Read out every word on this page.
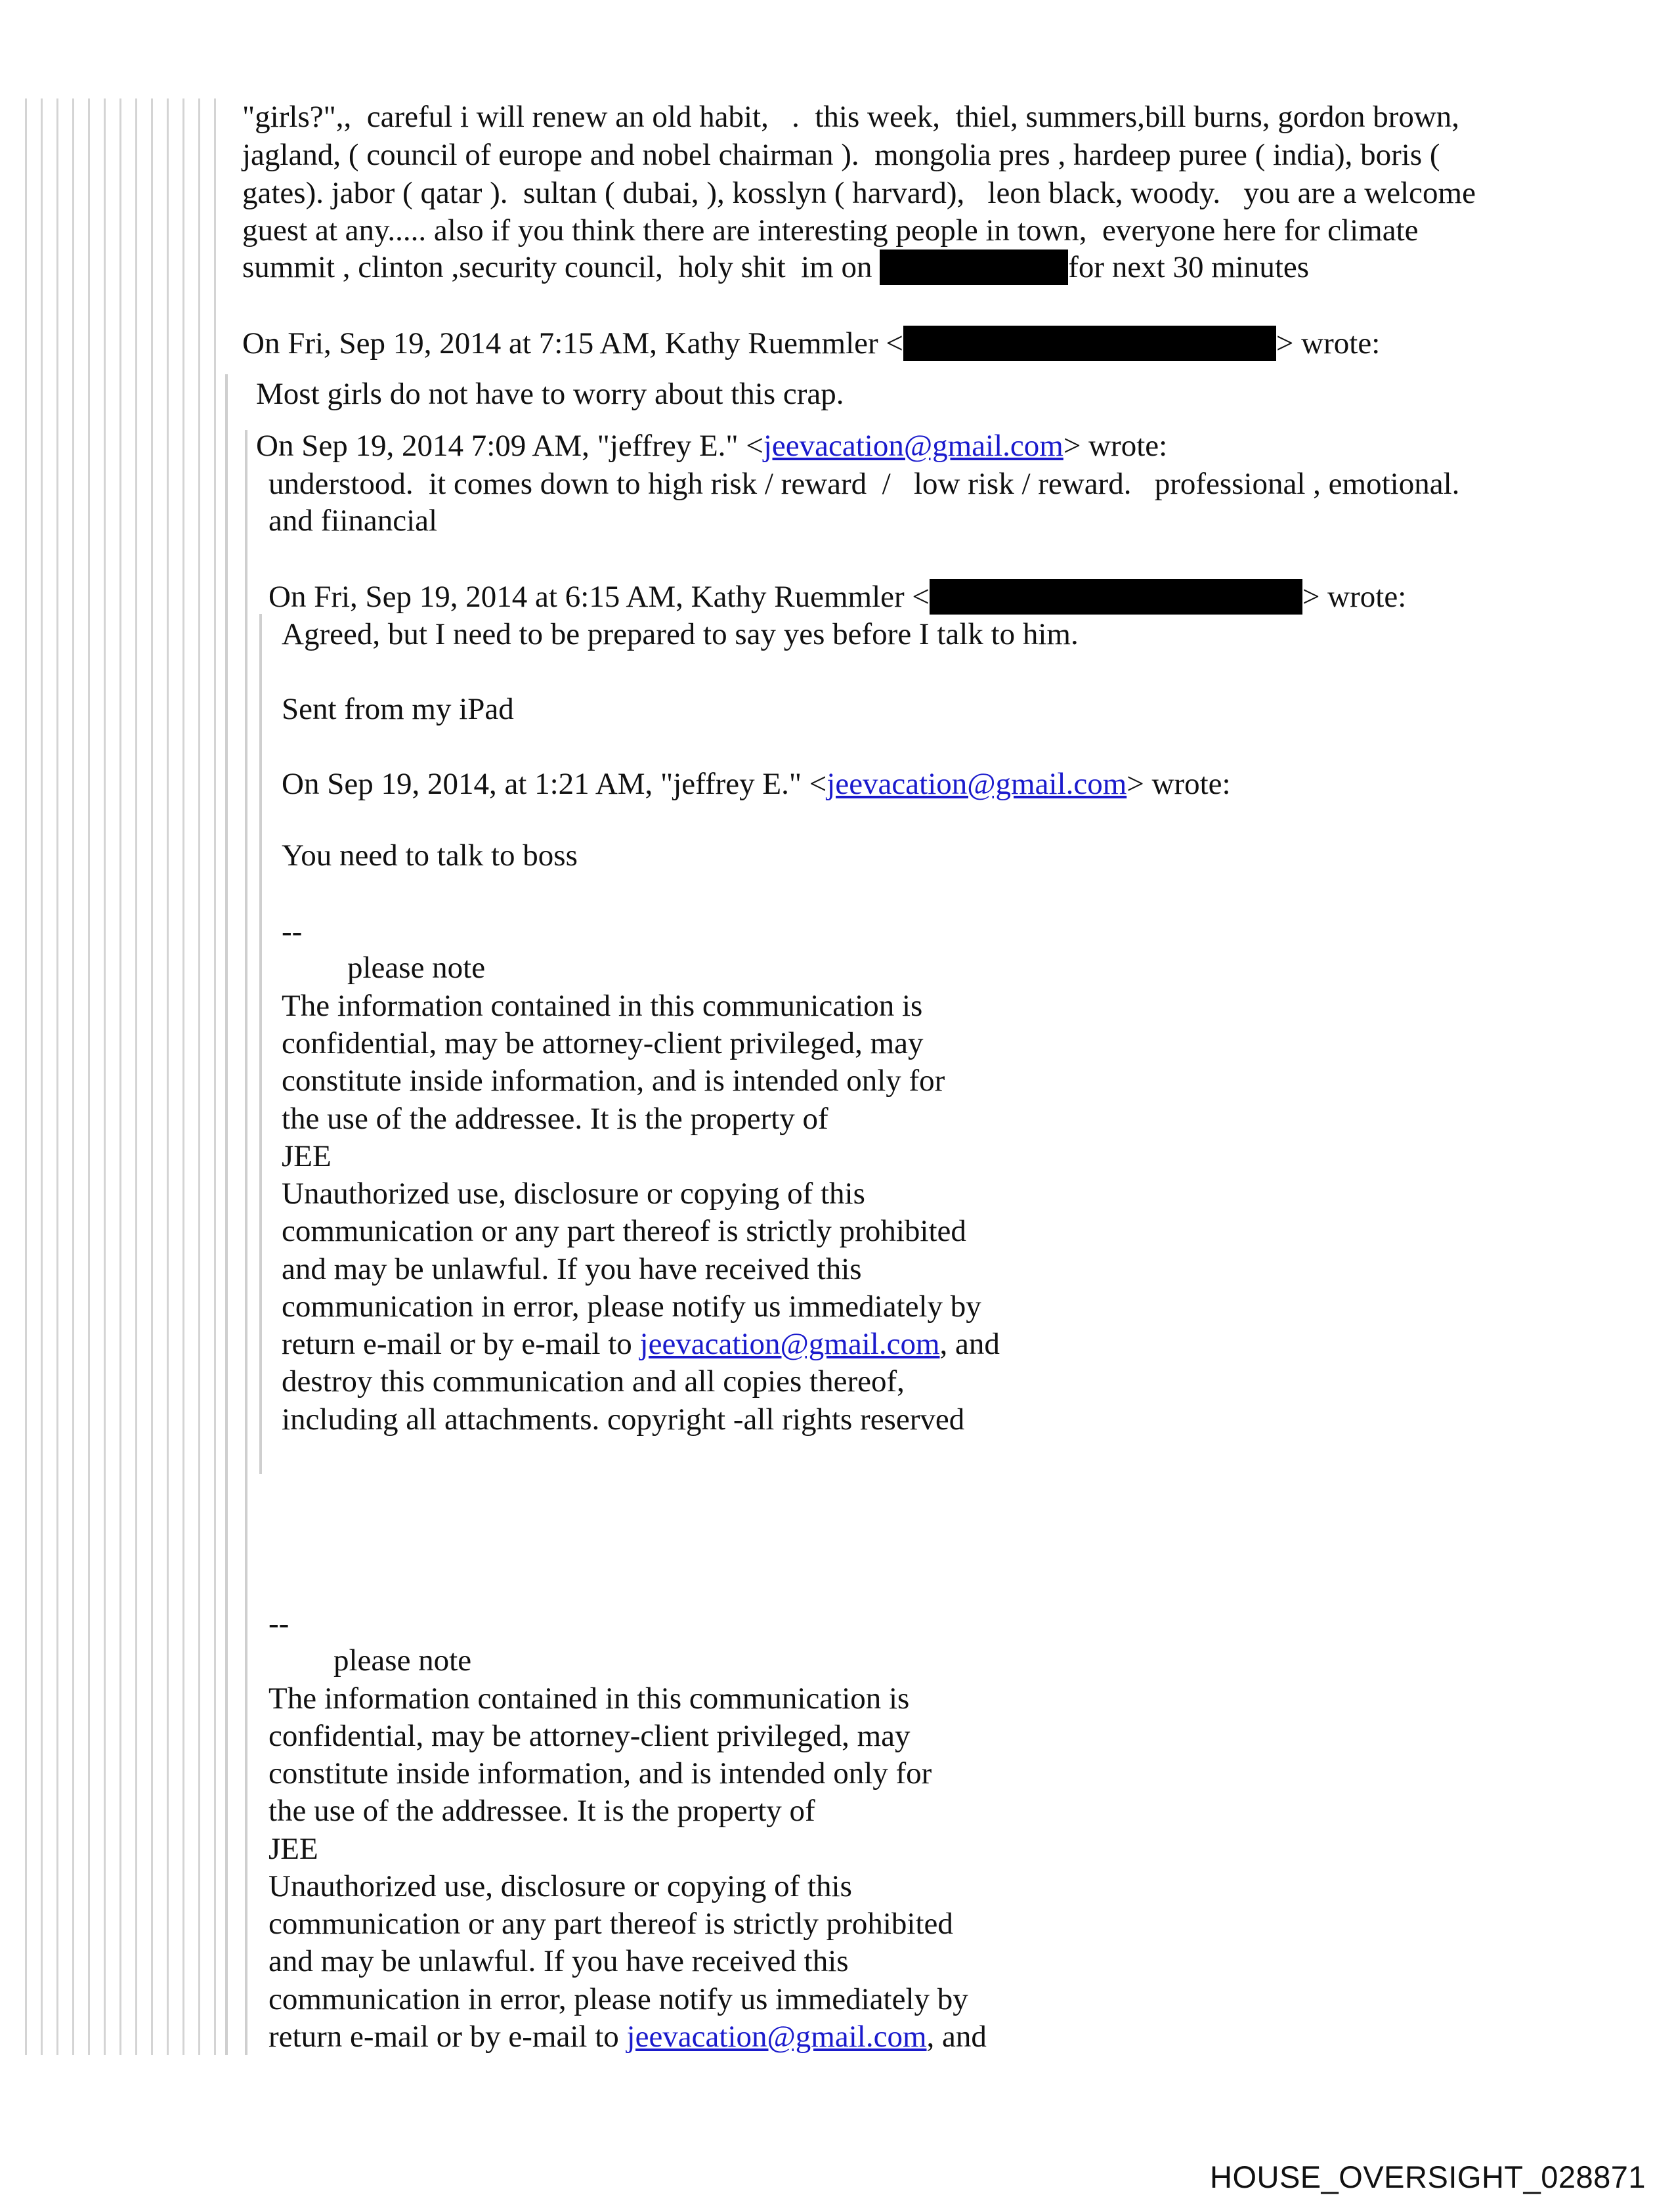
"girls?",,  careful i will renew an old habit,   .  this week,  thiel, summers,bill burns, gordon brown,
jagland, ( council of europe and nobel chairman ).  mongolia pres , hardeep puree ( india), boris (
gates). jabor ( qatar ).  sultan ( dubai, ), kosslyn ( harvard),   leon black, woody.   you are a welcome
guest at any..... also if you think there are interesting people in town,  everyone here for climate
summit , clinton ,security council,  holy shit  im on	for next 30 minutes
On Fri, Sep 19, 2014 at 7:15 AM, Kathy Ruemmler <	> wrote:
Most girls do not have to worry about this crap.
On Sep 19, 2014 7:09 AM, "jeffrey E." <jeevacation@gmail.com> wrote:
understood.  it comes down to high risk / reward  /   low risk / reward.   professional , emotional.
and fiinancial
On Fri, Sep 19, 2014 at 6:15 AM, Kathy Ruemmler <	> wrote:
Agreed, but I need to be prepared to say yes before I talk to him.
Sent from my iPad
On Sep 19, 2014, at 1:21 AM, "jeffrey E." <jeevacation@gmail.com> wrote:
You need to talk to boss
--
please note
The information contained in this communication is
confidential, may be attorney-client privileged, may
constitute inside information, and is intended only for
the use of the addressee. It is the property of
JEE
Unauthorized use, disclosure or copying of this
communication or any part thereof is strictly prohibited
and may be unlawful. If you have received this
communication in error, please notify us immediately by
return e-mail or by e-mail to jeevacation@gmail.com, and
destroy this communication and all copies thereof,
including all attachments. copyright -all rights reserved
--
please note
The information contained in this communication is
confidential, may be attorney-client privileged, may
constitute inside information, and is intended only for
the use of the addressee. It is the property of
JEE
Unauthorized use, disclosure or copying of this
communication or any part thereof is strictly prohibited
and may be unlawful. If you have received this
communication in error, please notify us immediately by
return e-mail or by e-mail to jeevacation@gmail.com, and
HOUSE_OVERSIGHT_028871
